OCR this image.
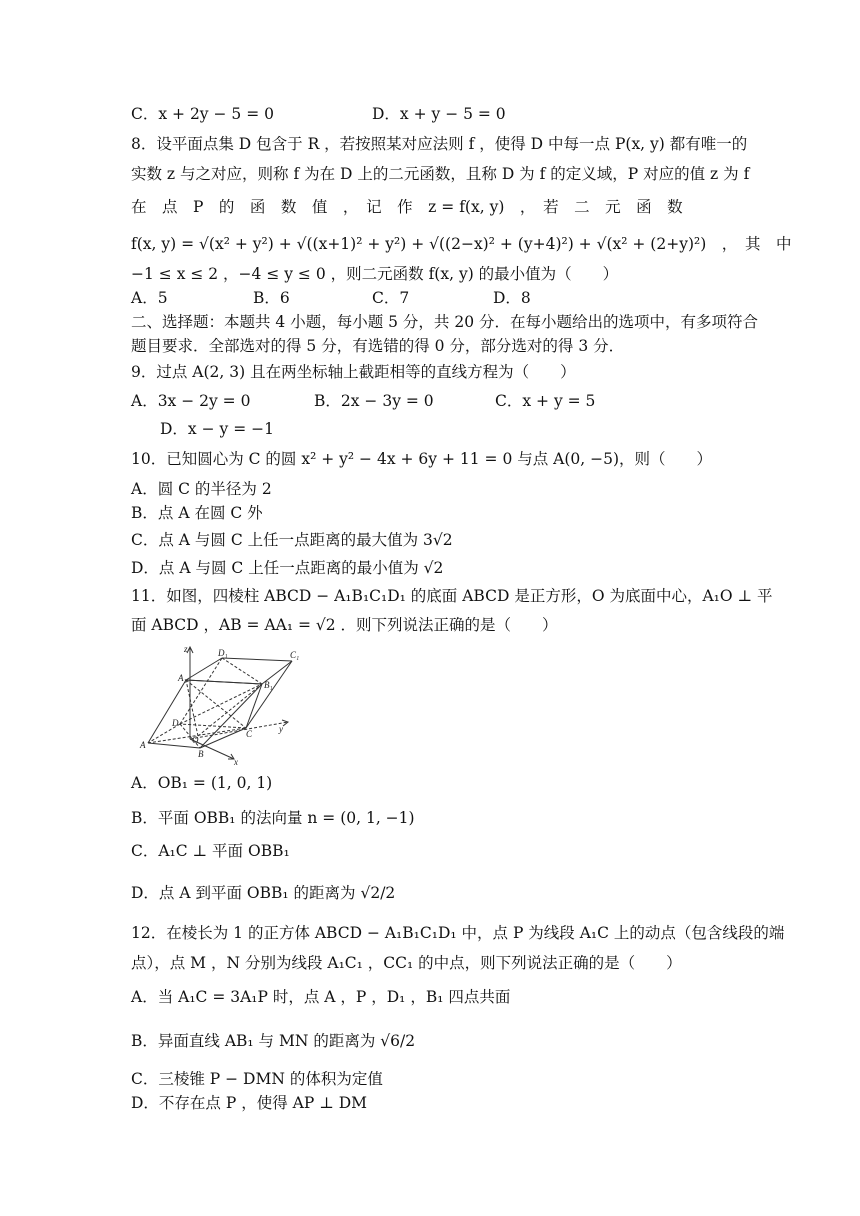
C．x + 2y − 5 = 0	D．x + y − 5 = 0
8．设平面点集 D 包含于 R ，若按照某对应法则 f ，使得 D 中每一点 P(x, y) 都有唯一的
实数 z 与之对应，则称 f 为在 D 上的二元函数，且称 D 为 f 的定义域，P 对应的值 z 为 f
在　点　P　的　函　数　值　，　记　作　z = f(x, y)　，　若　二　元　函　数
f(x, y) = √(x² + y²) + √((x+1)² + y²) + √((2−x)² + (y+4)²) + √(x² + (2+y)²)　，　其　中
−1 ≤ x ≤ 2 ，−4 ≤ y ≤ 0 ，则二元函数 f(x, y) 的最小值为（　　）
A．5	B．6	C．7	D．8
二、选择题：本题共 4 小题，每小题 5 分，共 20 分．在每小题给出的选项中，有多项符合
题目要求．全部选对的得 5 分，有选错的得 0 分，部分选对的得 3 分．
9．过点 A(2, 3) 且在两坐标轴上截距相等的直线方程为（　　）
A．3x − 2y = 0	B．2x − 3y = 0	C．x + y = 5
D．x − y = −1
10．已知圆心为 C 的圆 x² + y² − 4x + 6y + 11 = 0 与点 A(0, −5)，则（　　）
A．圆 C 的半径为 2
B．点 A 在圆 C 外
C．点 A 与圆 C 上任一点距离的最大值为 3√2
D．点 A 与圆 C 上任一点距离的最小值为 √2
11．如图，四棱柱 ABCD − A₁B₁C₁D₁ 的底面 ABCD 是正方形，O 为底面中心，A₁O ⊥ 平
面 ABCD ，AB = AA₁ = √2 ．则下列说法正确的是（　　）
D₁	C₁
A₁
B₁
D
C
O
A
B
x
y
z
A．OB₁ = (1, 0, 1)
B．平面 OBB₁ 的法向量 n = (0, 1, −1)
C．A₁C ⊥ 平面 OBB₁
D．点 A 到平面 OBB₁ 的距离为 √2/2
12．在棱长为 1 的正方体 ABCD − A₁B₁C₁D₁ 中，点 P 为线段 A₁C 上的动点（包含线段的端
点），点 M ，N 分别为线段 A₁C₁ ，CC₁ 的中点，则下列说法正确的是（　　）
A．当 A₁C = 3A₁P 时，点 A ，P ，D₁ ，B₁ 四点共面
B．异面直线 AB₁ 与 MN 的距离为 √6/2
C．三棱锥 P − DMN 的体积为定值
D．不存在点 P ，使得 AP ⊥ DM
